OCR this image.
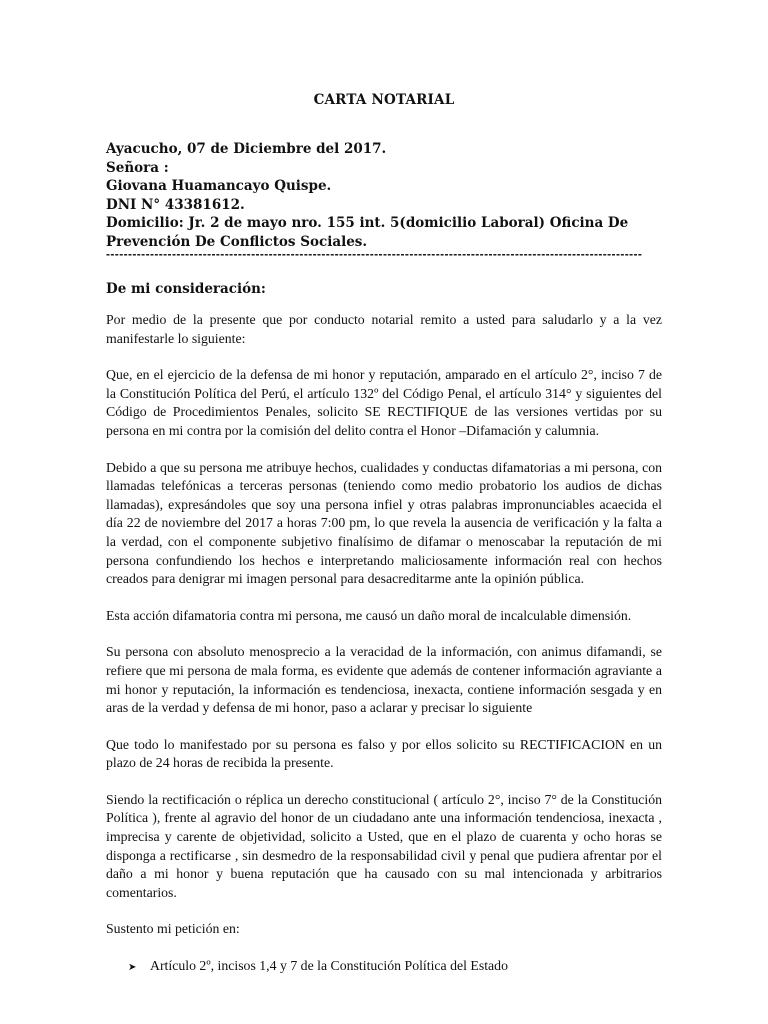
CARTA NOTARIAL
Ayacucho, 07 de Diciembre del 2017.
Señora :
Giovana Huamancayo Quispe.
DNI N° 43381612.
Domicilio: Jr. 2 de mayo nro. 155 int. 5(domicilio Laboral) Oficina De
Prevención De Conflictos Sociales.
--------------------------------------------------------------------------------------------------------------------------
De mi consideración:

Por medio de la presente que por conducto notarial remito a usted para saludarlo y a la vez manifestarle lo siguiente:

Que, en el ejercicio de la defensa de mi honor y reputación, amparado en el artículo 2°, inciso 7 de la Constitución Política del Perú, el artículo 132º del Código Penal, el artículo 314° y siguientes del Código de Procedimientos Penales, solicito SE RECTIFIQUE de las versiones vertidas por su persona en mi contra por la comisión del delito contra el Honor –Difamación y calumnia.

Debido a que su persona me atribuye hechos, cualidades y conductas difamatorias a mi persona, con llamadas telefónicas a terceras personas (teniendo como medio probatorio los audios de dichas llamadas), expresándoles que soy una persona infiel y otras palabras impronunciables acaecida el día 22 de noviembre del 2017 a horas 7:00 pm, lo que revela la ausencia de verificación y la falta a la verdad, con el componente subjetivo finalísimo de difamar o menoscabar la reputación de mi persona confundiendo los hechos e interpretando maliciosamente información real con hechos creados para denigrar mi imagen personal para desacreditarme ante la opinión pública.

Esta acción difamatoria contra mi persona, me causó un daño moral de incalculable dimensión.

Su persona con absoluto menosprecio a la veracidad de la información, con animus difamandi, se refiere que mi persona de mala forma, es evidente que además de contener información agraviante a mi honor y reputación, la información es tendenciosa, inexacta, contiene información sesgada y en aras de la verdad y defensa de mi honor, paso a aclarar y precisar lo siguiente

Que todo lo manifestado por su persona es falso y por ellos solicito su RECTIFICACION en un plazo de 24 horas de recibida la presente.

Siendo la rectificación o réplica un derecho constitucional ( artículo 2°, inciso 7° de la Constitución Política ), frente al agravio del honor de un ciudadano ante una información tendenciosa, inexacta , imprecisa y carente de objetividad, solicito a Usted, que en el plazo de cuarenta y ocho horas se disponga a rectificarse , sin desmedro de la responsabilidad civil y penal que pudiera afrentar por el daño a mi honor y buena reputación que ha causado con su mal intencionada y arbitrarios comentarios.

Sustento mi petición en:

➤ Artículo 2º, incisos 1,4 y 7 de la Constitución Política del Estado
